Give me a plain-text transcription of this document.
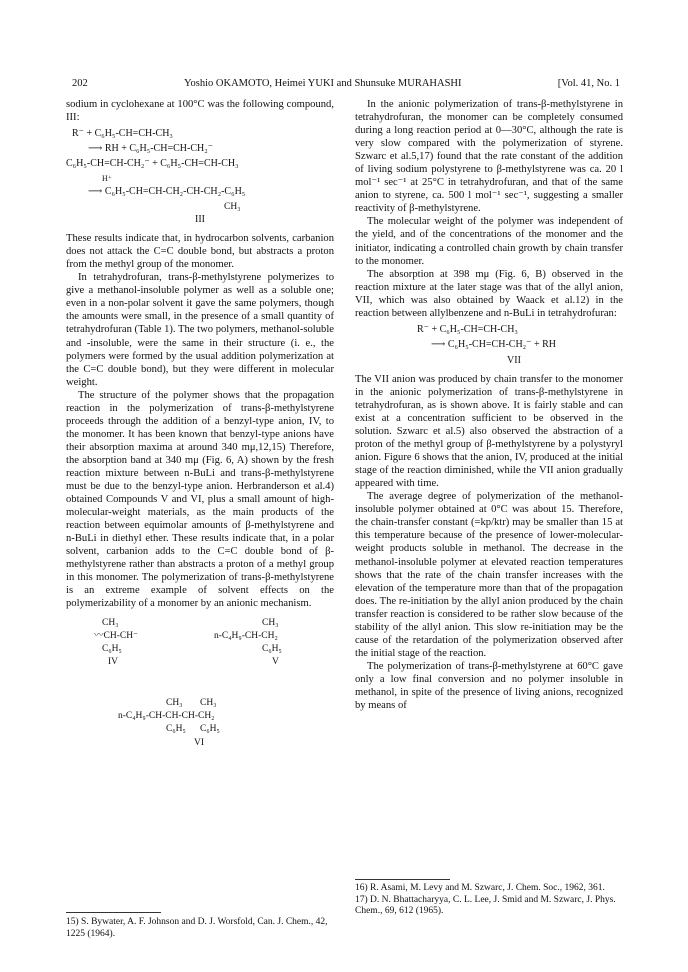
202	Yoshio OKAMOTO, Heimei YUKI and Shunsuke MURAHASHI	[Vol. 41, No. 1

sodium in cyclohexane at 100°C was the following compound, III:

R⁻ + C₆H₅-CH=CH-CH₃
⟶ RH + C₆H₅-CH=CH-CH₂⁻
C₆H₅-CH=CH-CH₂⁻ + C₆H₅-CH=CH-CH₃
H⁺
⟶ C₆H₅-CH=CH-CH₂-CH-CH₂-C₆H₅
CH₃
III

These results indicate that, in hydrocarbon solvents, carbanion does not attack the C=C double bond, but abstracts a proton from the methyl group of the monomer.

In tetrahydrofuran, trans-β-methylstyrene polymerizes to give a methanol-insoluble polymer as well as a soluble one; even in a non-polar solvent it gave the same polymers, though the amounts were small, in the presence of a small quantity of tetrahydrofuran (Table 1). The two polymers, methanol-soluble and -insoluble, were the same in their structure (i. e., the polymers were formed by the usual addition polymerization at the C=C double bond), but they were different in molecular weight.

The structure of the polymer shows that the propagation reaction in the polymerization of trans-β-methylstyrene proceeds through the addition of a benzyl-type anion, IV, to the monomer. It has been known that benzyl-type anions have their absorption maxima at around 340 mμ,12,15) Therefore, the absorption band at 340 mμ (Fig. 6, A) shown by the fresh reaction mixture between n-BuLi and trans-β-methylstyrene must be due to the benzyl-type anion. Herbranderson et al.4) obtained Compounds V and VI, plus a small amount of high-molecular-weight materials, as the main products of the reaction between equimolar amounts of β-methylstyrene and n-BuLi in diethyl ether. These results indicate that, in a polar solvent, carbanion adds to the C=C double bond of β-methylstyrene rather than abstracts a proton of a methyl group in this monomer. The polymerization of trans-β-methylstyrene is an extreme example of solvent effects on the polymerizability of a monomer by an anionic mechanism.

CH₃
〰CH-CH⁻
C₆H₅
IV
CH₃
n-C₄H₉-CH-CH₂
C₆H₅
V
CH₃ CH₃
n-C₄H₉-CH-CH-CH-CH₂
C₆H₅ C₆H₅
VI
15) S. Bywater, A. F. Johnson and D. J. Worsfold, Can. J. Chem., 42, 1225 (1964).

In the anionic polymerization of trans-β-methylstyrene in tetrahydrofuran, the monomer can be completely consumed during a long reaction period at 0—30°C, although the rate is very slow compared with the polymerization of styrene. Szwarc et al.5,17) found that the rate constant of the addition of living sodium polystyrene to β-methylstyrene was ca. 20 l mol⁻¹ sec⁻¹ at 25°C in tetrahydrofuran, and that of the same anion to styrene, ca. 500 l mol⁻¹ sec⁻¹, suggesting a smaller reactivity of β-methylstyrene.

The molecular weight of the polymer was independent of the yield, and of the concentrations of the monomer and the initiator, indicating a controlled chain growth by chain transfer to the monomer.

The absorption at 398 mμ (Fig. 6, B) observed in the reaction mixture at the later stage was that of the allyl anion, VII, which was also obtained by Waack et al.12) in the reaction between allylbenzene and n-BuLi in tetrahydrofuran:

R⁻ + C₆H₅-CH=CH-CH₃
⟶ C₆H₅-CH=CH-CH₂⁻ + RH
VII

The VII anion was produced by chain transfer to the monomer in the anionic polymerization of trans-β-methylstyrene in tetrahydrofuran, as is shown above. It is fairly stable and can exist at a concentration sufficient to be observed in the solution. Szwarc et al.5) also observed the abstraction of a proton of the methyl group of β-methylstyrene by a polystyryl anion. Figure 6 shows that the anion, IV, produced at the initial stage of the reaction diminished, while the VII anion gradually appeared with time.

The average degree of polymerization of the methanol-insoluble polymer obtained at 0°C was about 15. Therefore, the chain-transfer constant (=kp/ktr) may be smaller than 15 at this temperature because of the presence of lower-molecular-weight products soluble in methanol. The decrease in the methanol-insoluble polymer at elevated reaction temperatures shows that the rate of the chain transfer increases with the elevation of the temperature more than that of the propagation does. The re-initiation by the allyl anion produced by the chain transfer reaction is considered to be rather slow because of the stability of the allyl anion. This slow re-initiation may be the cause of the retardation of the polymerization observed after the initial stage of the reaction.

The polymerization of trans-β-methylstyrene at 60°C gave only a low final conversion and no polymer insoluble in methanol, in spite of the presence of living anions, recognized by means of

16) R. Asami, M. Levy and M. Szwarc, J. Chem. Soc., 1962, 361.
17) D. N. Bhattacharyya, C. L. Lee, J. Smid and M. Szwarc, J. Phys. Chem., 69, 612 (1965).
